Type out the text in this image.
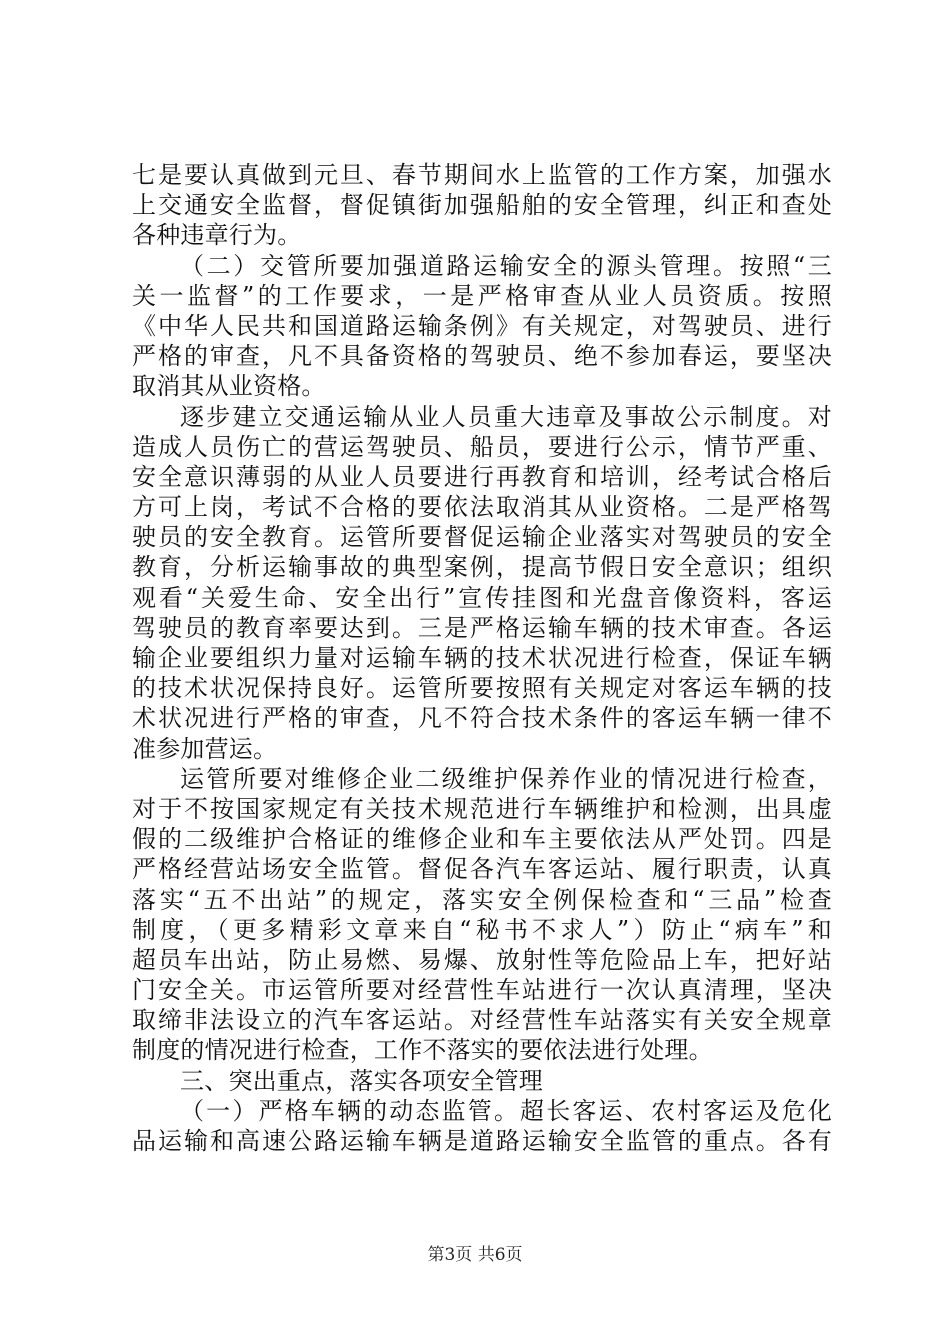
七是要认真做到元旦、春节期间水上监管的工作方案，加强水
上交通安全监督，督促镇街加强船舶的安全管理，纠正和查处
各种违章行为。
（二）交管所要加强道路运输安全的源头管理。按照“三
关一监督”的工作要求，一是严格审查从业人员资质。按照
《中华人民共和国道路运输条例》有关规定，对驾驶员、进行
严格的审查，凡不具备资格的驾驶员、绝不参加春运，要坚决
取消其从业资格。
逐步建立交通运输从业人员重大违章及事故公示制度。对
造成人员伤亡的营运驾驶员、船员，要进行公示，情节严重、
安全意识薄弱的从业人员要进行再教育和培训，经考试合格后
方可上岗，考试不合格的要依法取消其从业资格。二是严格驾
驶员的安全教育。运管所要督促运输企业落实对驾驶员的安全
教育，分析运输事故的典型案例，提高节假日安全意识；组织
观看“关爱生命、安全出行”宣传挂图和光盘音像资料，客运
驾驶员的教育率要达到。三是严格运输车辆的技术审查。各运
输企业要组织力量对运输车辆的技术状况进行检查，保证车辆
的技术状况保持良好。运管所要按照有关规定对客运车辆的技
术状况进行严格的审查，凡不符合技术条件的客运车辆一律不
准参加营运。
运管所要对维修企业二级维护保养作业的情况进行检查，
对于不按国家规定有关技术规范进行车辆维护和检测，出具虚
假的二级维护合格证的维修企业和车主要依法从严处罚。四是
严格经营站场安全监管。督促各汽车客运站、履行职责，认真
落实“五不出站”的规定，落实安全例保检查和“三品”检查
制度，（更多精彩文章来自“秘书不求人”）防止“病车”和
超员车出站，防止易燃、易爆、放射性等危险品上车，把好站
门安全关。市运管所要对经营性车站进行一次认真清理，坚决
取缔非法设立的汽车客运站。对经营性车站落实有关安全规章
制度的情况进行检查，工作不落实的要依法进行处理。
三、突出重点，落实各项安全管理
（一）严格车辆的动态监管。超长客运、农村客运及危化
品运输和高速公路运输车辆是道路运输安全监管的重点。各有
第3页 共6页
